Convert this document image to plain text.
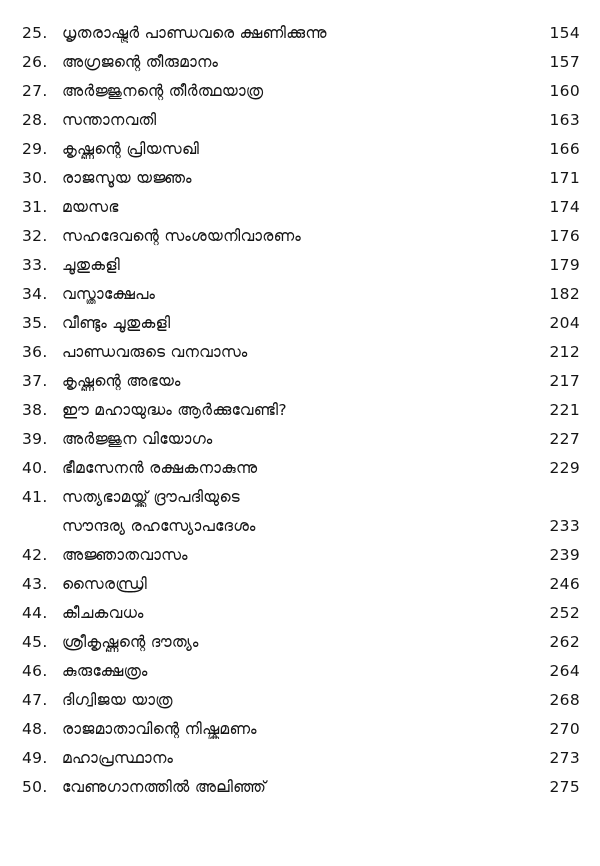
25. ധൃതരാഷ്ട്രർ പാണ്ഡവരെ ക്ഷണിക്കുന്നു	154
26. അഗ്രജന്റെ തീരുമാനം	157
27. അർജ്ജുനന്റെ തീർത്ഥയാത്ര	160
28. സന്താനവതി	163
29. കൃഷ്ണന്റെ പ്രിയസഖി	166
30. രാജസൂയ യജ്ഞം	171
31. മയസഭ	174
32. സഹദേവന്റെ സംശയനിവാരണം	176
33. ചൂതുകളി	179
34. വസ്ത്രാക്ഷേപം	182
35. വീണ്ടും ചൂതുകളി	204
36. പാണ്ഡവരുടെ വനവാസം	212
37. കൃഷ്ണന്റെ അഭയം	217
38. ഈ മഹായുദ്ധം ആർക്കുവേണ്ടി?	221
39. അർജ്ജുന വിയോഗം	227
40. ഭീമസേനൻ രക്ഷകനാകുന്നു	229
41. സത്യഭാമയ്ക്ക് ദ്രൗപദിയുടെ
സൗന്ദര്യ രഹസ്യോപദേശം	233
42. അജ്ഞാതവാസം	239
43. സൈരന്ധ്രി	246
44. കീചകവധം	252
45. ശ്രീകൃഷ്ണന്റെ ദൗത്യം	262
46. കുരുക്ഷേത്രം	264
47. ദിഗ്വിജയ യാത്ര	268
48. രാജമാതാവിന്റെ നിഷ്ക്രമണം	270
49. മഹാപ്രസ്ഥാനം	273
50. വേണുഗാനത്തിൽ അലിഞ്ഞ്	275
